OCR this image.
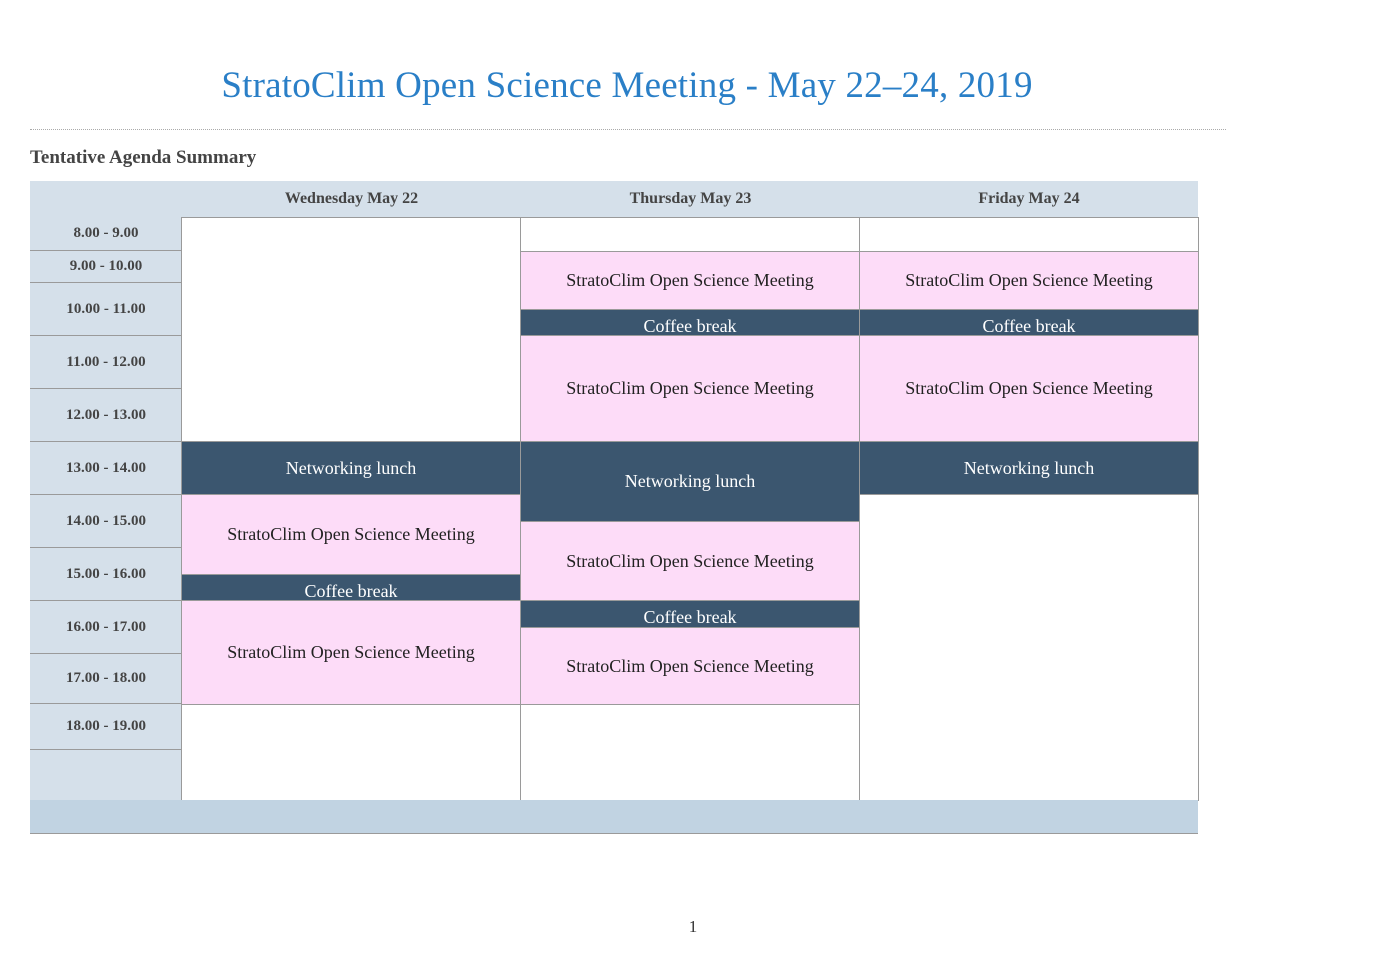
StratoClim Open Science Meeting - May 22–24, 2019
Tentative Agenda Summary
Wednesday May 22	Thursday May 23	Friday May 24
8.00 - 9.00
9.00 - 10.00
10.00 - 11.00
11.00 - 12.00
12.00 - 13.00
13.00 - 14.00
14.00 - 15.00
15.00 - 16.00
16.00 - 17.00
17.00 - 18.00
18.00 - 19.00
Networking lunch
StratoClim Open Science Meeting
Coffee break
StratoClim Open Science Meeting
StratoClim Open Science Meeting
Coffee break
StratoClim Open Science Meeting
Networking lunch
StratoClim Open Science Meeting
Coffee break
StratoClim Open Science Meeting
StratoClim Open Science Meeting
Coffee break
StratoClim Open Science Meeting
Networking lunch
1
